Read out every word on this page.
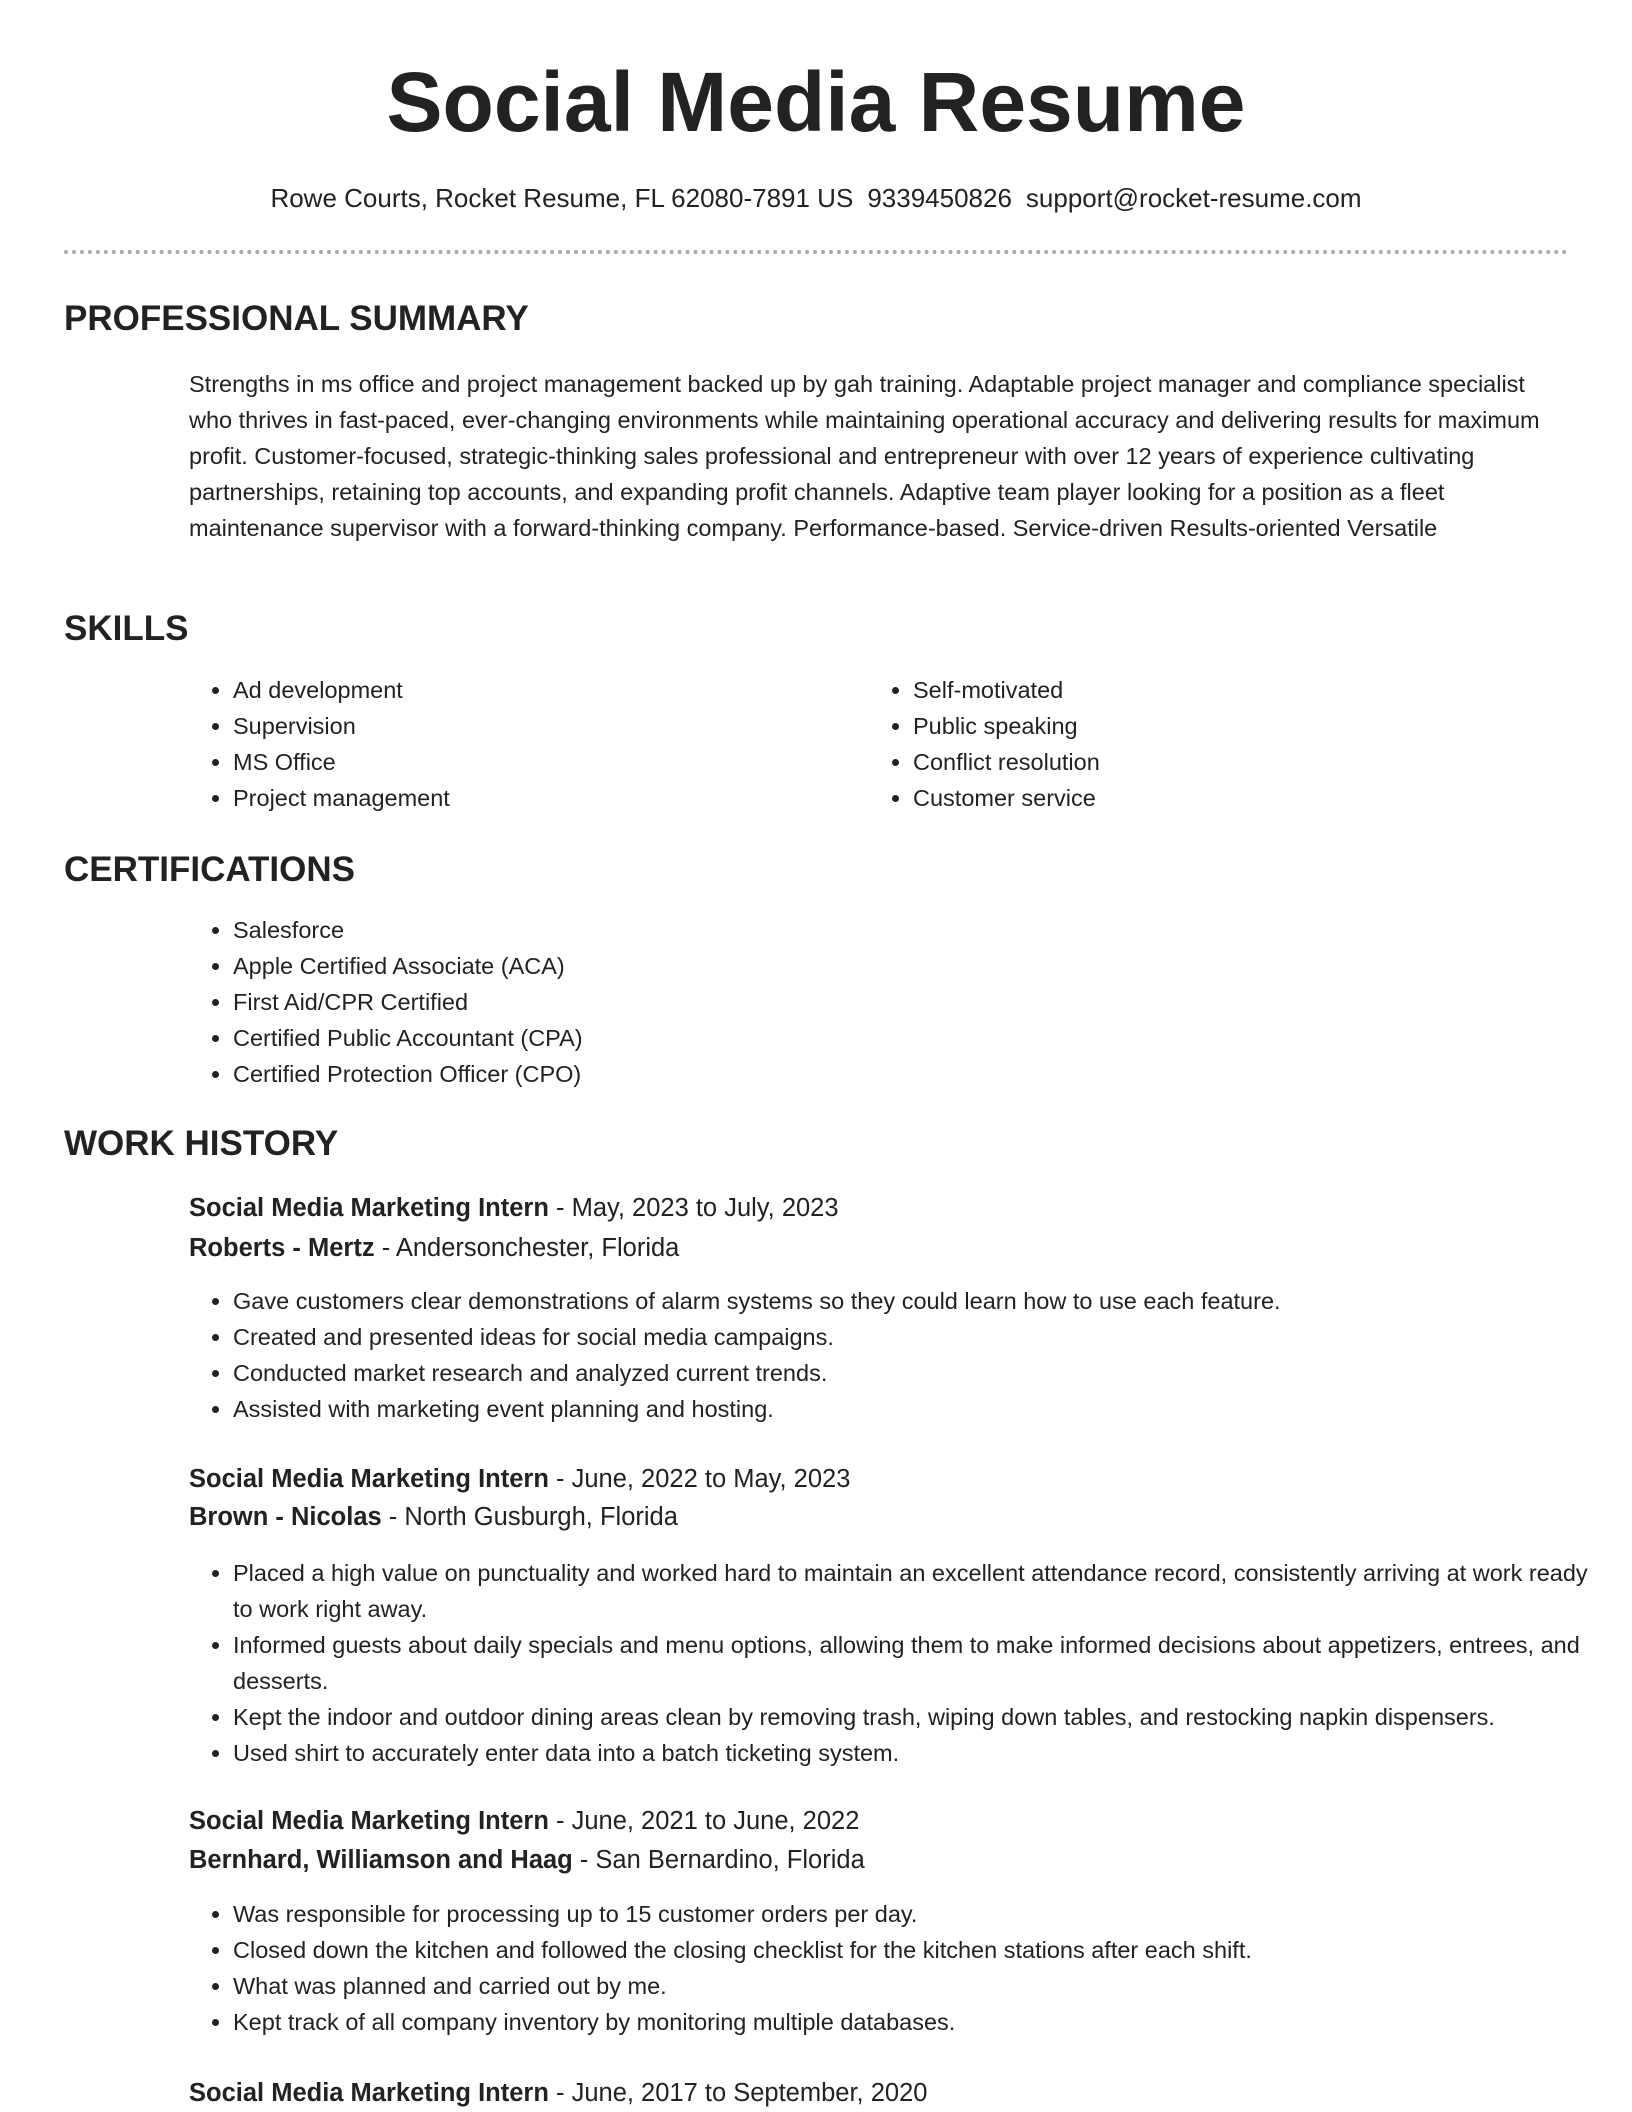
Social Media Resume
Rowe Courts, Rocket Resume, FL 62080-7891 US 9339450826 support@rocket-resume.com
PROFESSIONAL SUMMARY

Strengths in ms office and project management backed up by gah training. Adaptable project manager and compliance specialist who thrives in fast-paced, ever-changing environments while maintaining operational accuracy and delivering results for maximum profit. Customer-focused, strategic-thinking sales professional and entrepreneur with over 12 years of experience cultivating partnerships, retaining top accounts, and expanding profit channels. Adaptive team player looking for a position as a fleet maintenance supervisor with a forward-thinking company. Performance-based. Service-driven Results-oriented Versatile

SKILLS
• Ad development
• Supervision
• MS Office
• Project management
• Self-motivated
• Public speaking
• Conflict resolution
• Customer service
CERTIFICATIONS
• Salesforce
• Apple Certified Associate (ACA)
• First Aid/CPR Certified
• Certified Public Accountant (CPA)
• Certified Protection Officer (CPO)
WORK HISTORY
Social Media Marketing Intern - May, 2023 to July, 2023
Roberts - Mertz - Andersonchester, Florida
• Gave customers clear demonstrations of alarm systems so they could learn how to use each feature.
• Created and presented ideas for social media campaigns.
• Conducted market research and analyzed current trends.
• Assisted with marketing event planning and hosting.
Social Media Marketing Intern - June, 2022 to May, 2023
Brown - Nicolas - North Gusburgh, Florida
• Placed a high value on punctuality and worked hard to maintain an excellent attendance record, consistently arriving at work ready to work right away.
• Informed guests about daily specials and menu options, allowing them to make informed decisions about appetizers, entrees, and desserts.
• Kept the indoor and outdoor dining areas clean by removing trash, wiping down tables, and restocking napkin dispensers.
• Used shirt to accurately enter data into a batch ticketing system.
Social Media Marketing Intern - June, 2021 to June, 2022
Bernhard, Williamson and Haag - San Bernardino, Florida
• Was responsible for processing up to 15 customer orders per day.
• Closed down the kitchen and followed the closing checklist for the kitchen stations after each shift.
• What was planned and carried out by me.
• Kept track of all company inventory by monitoring multiple databases.
Social Media Marketing Intern - June, 2017 to September, 2020
